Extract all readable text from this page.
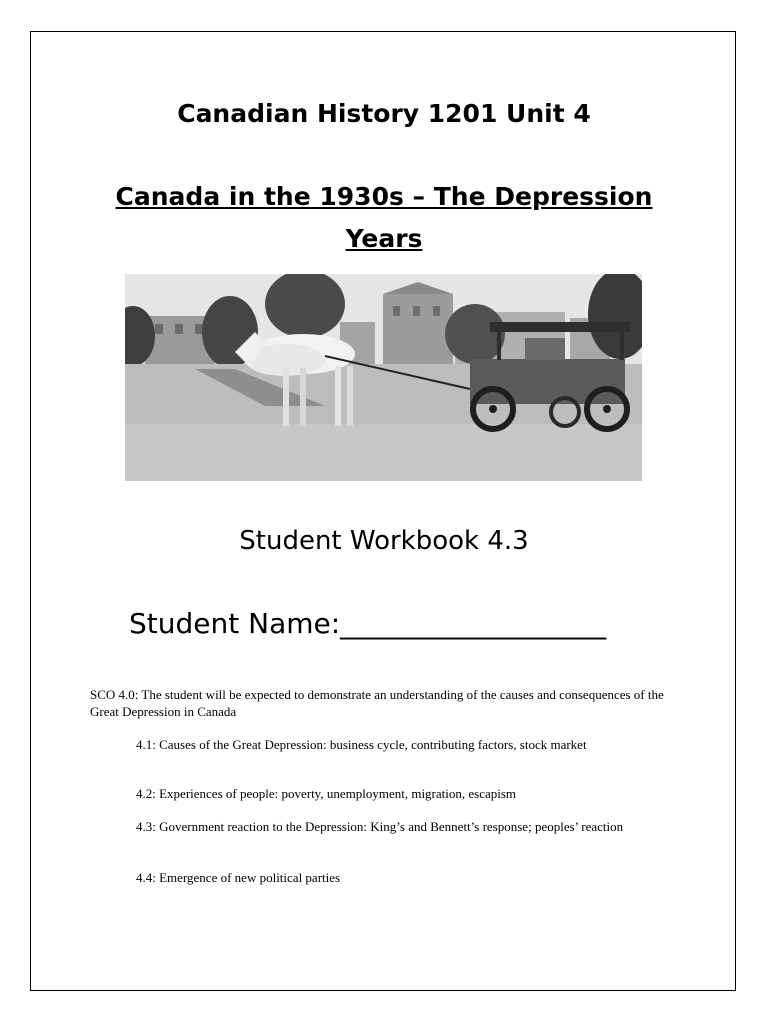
Canadian History 1201 Unit 4
Canada in the 1930s – The Depression
Years
Student Workbook 4.3
Student Name:___________________
SCO 4.0: The student will be expected to demonstrate an understanding of the causes and consequences of the Great Depression in Canada
4.1: Causes of the Great Depression: business cycle, contributing factors, stock market
4.2: Experiences of people: poverty, unemployment, migration, escapism
4.3: Government reaction to the Depression: King’s and Bennett’s response; peoples’ reaction
4.4: Emergence of new political parties
